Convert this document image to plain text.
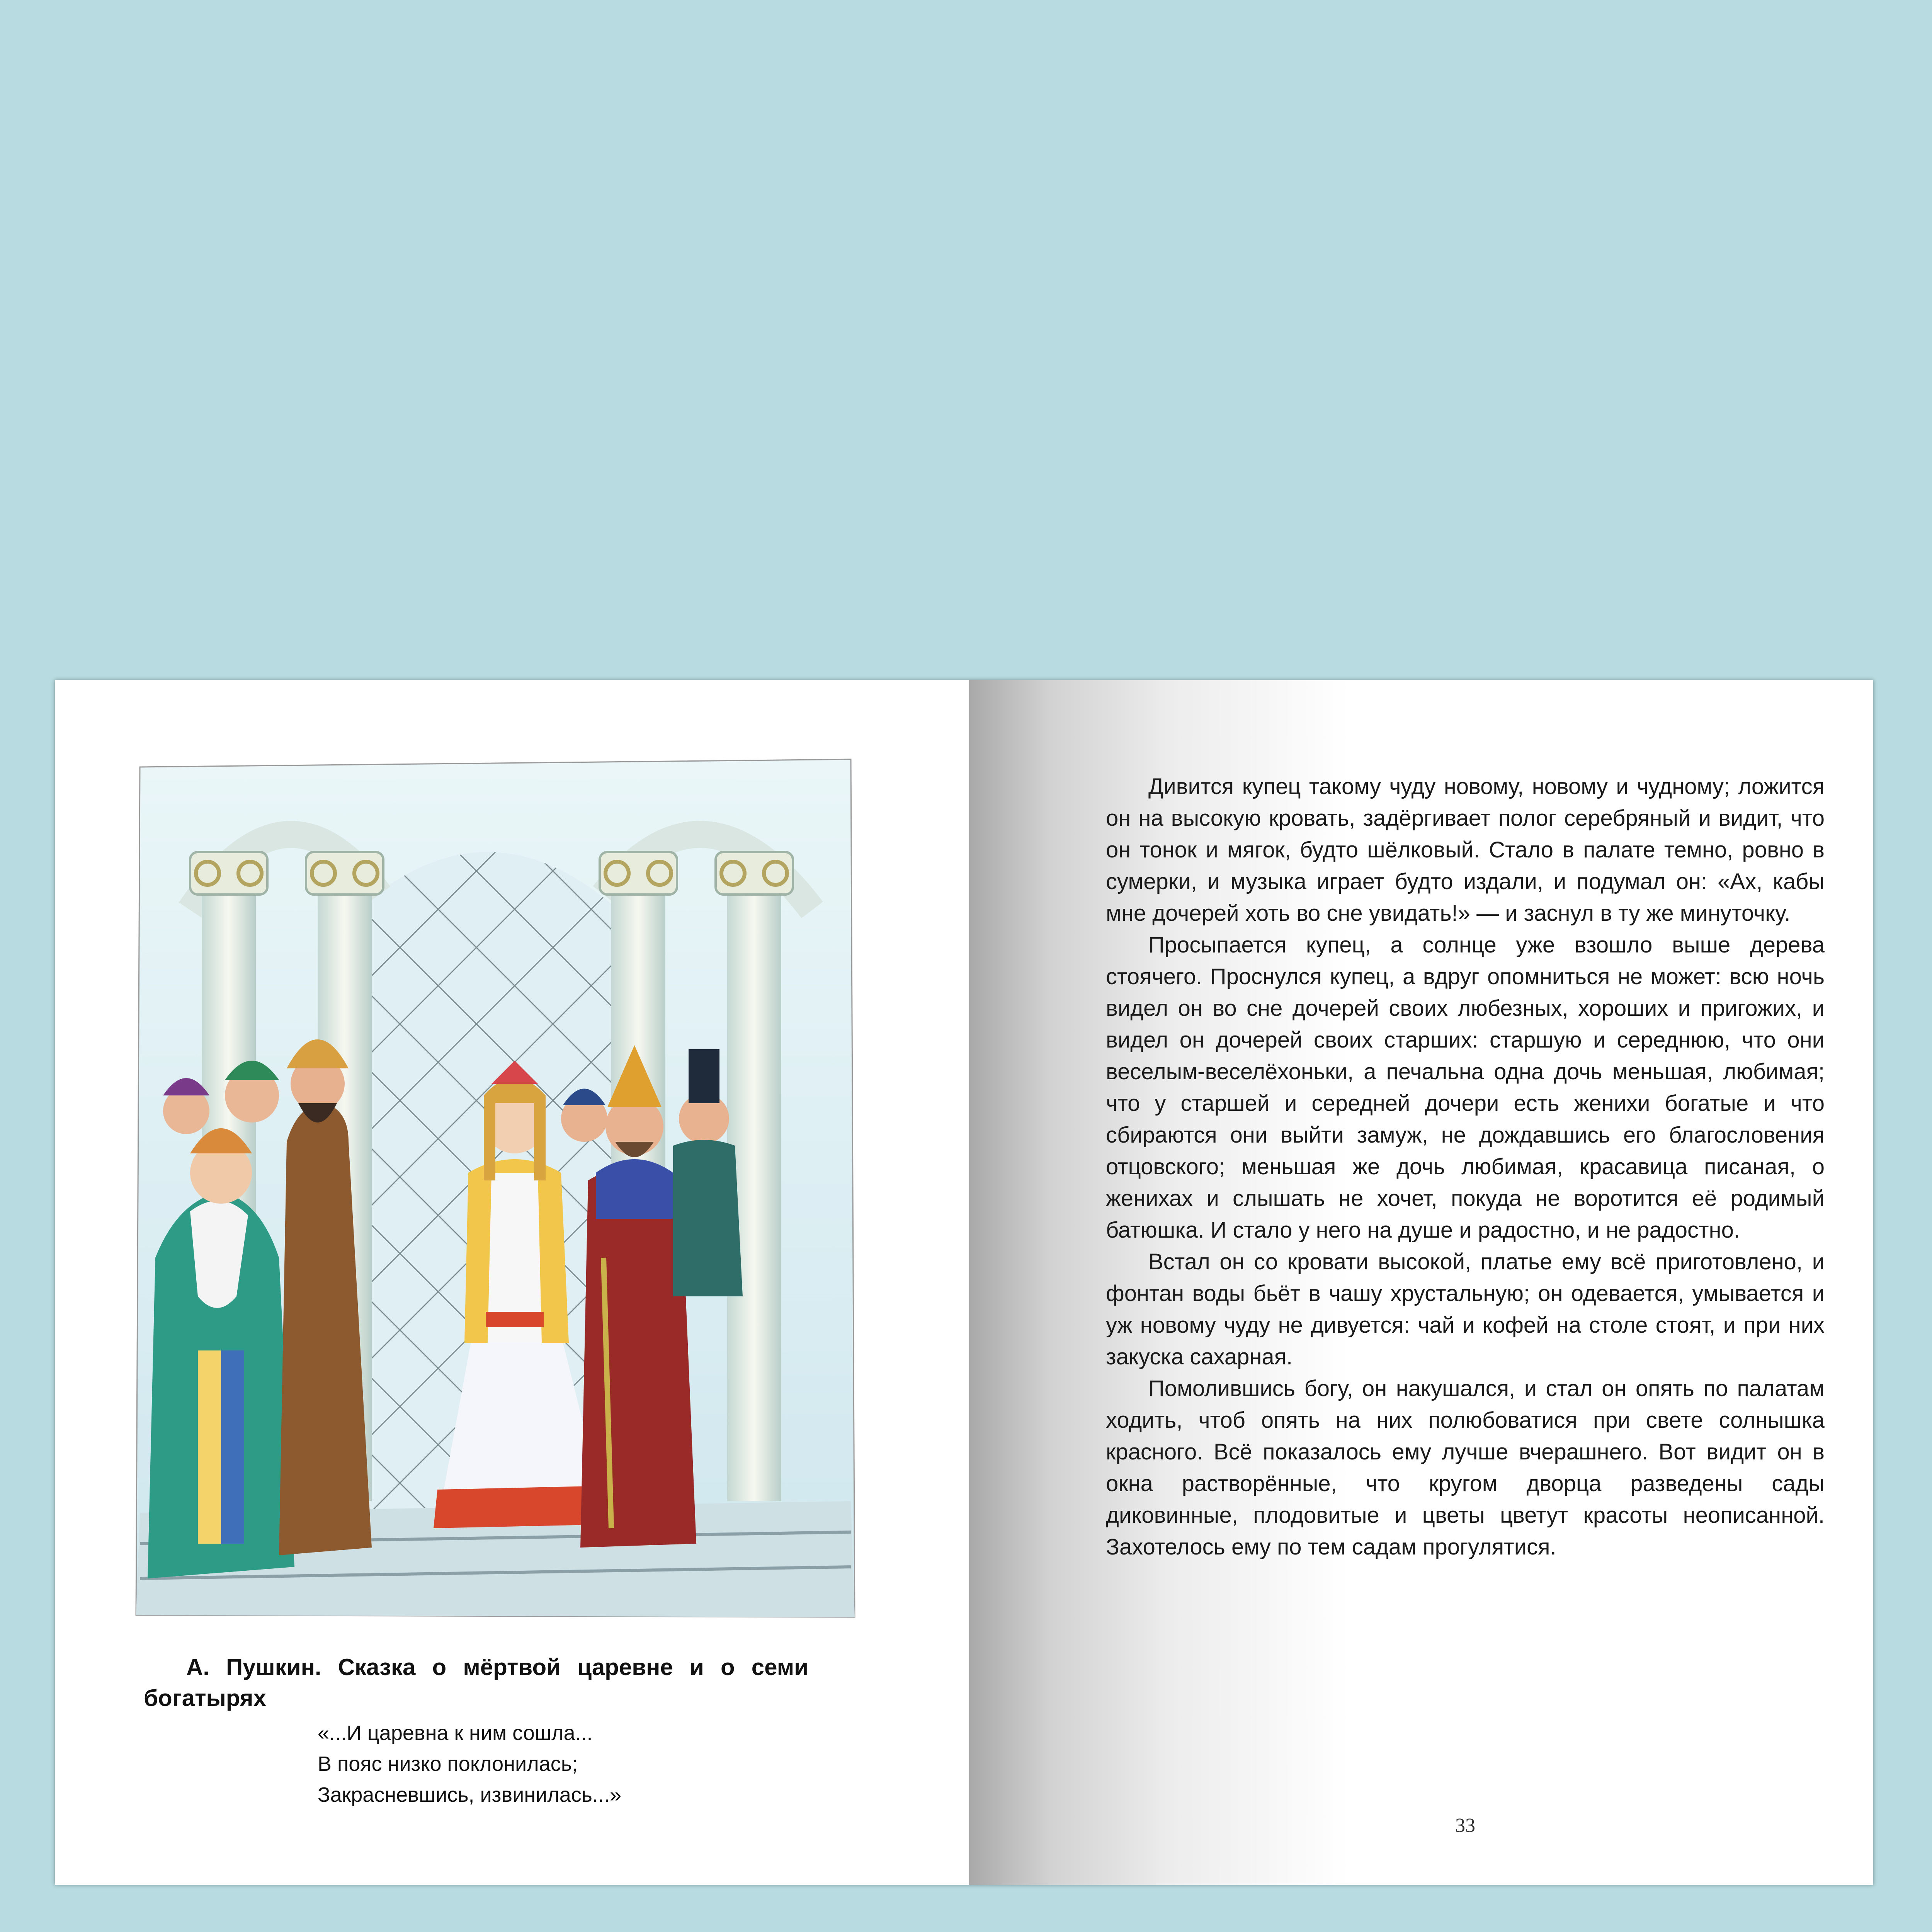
А. Пушкин. Сказка о мёртвой царевне и о семи богатырях

«...И царевна к ним сошла...
В пояс низко поклонилась;
Закрасневшись, извинилась...»

Дивится купец такому чуду новому, новому и чудному; ложится он на высокую кровать, задёргивает полог серебряный и видит, что он тонок и мягок, будто шёлковый. Стало в палате темно, ровно в сумерки, и музыка играет будто издали, и подумал он: «Ах, кабы мне дочерей хоть во сне увидать!» — и заснул в ту же минуточку.

Просыпается купец, а солнце уже взошло выше дерева стоячего. Проснулся купец, а вдруг опомниться не может: всю ночь видел он во сне дочерей своих любезных, хороших и пригожих, и видел он дочерей своих старших: старшую и середнюю, что они веселым-веселёхоньки, а печальна одна дочь меньшая, любимая; что у старшей и середней дочери есть женихи богатые и что сбираются они выйти замуж, не дождавшись его благословения отцовского; меньшая же дочь любимая, красавица писаная, о женихах и слышать не хочет, покуда не воротится её родимый батюшка. И стало у него на душе и радостно, и не радостно.

Встал он со кровати высокой, платье ему всё приготовлено, и фонтан воды бьёт в чашу хрустальную; он одевается, умывается и уж новому чуду не дивуется: чай и кофей на столе стоят, и при них закуска сахарная.

Помолившись богу, он накушался, и стал он опять по палатам ходить, чтоб опять на них полюбоватися при свете солнышка красного. Всё показалось ему лучше вчерашнего. Вот видит он в окна растворённые, что кругом дворца разведены сады диковинные, плодовитые и цветы цветут красоты неописанной. Захотелось ему по тем садам прогулятися.

33
